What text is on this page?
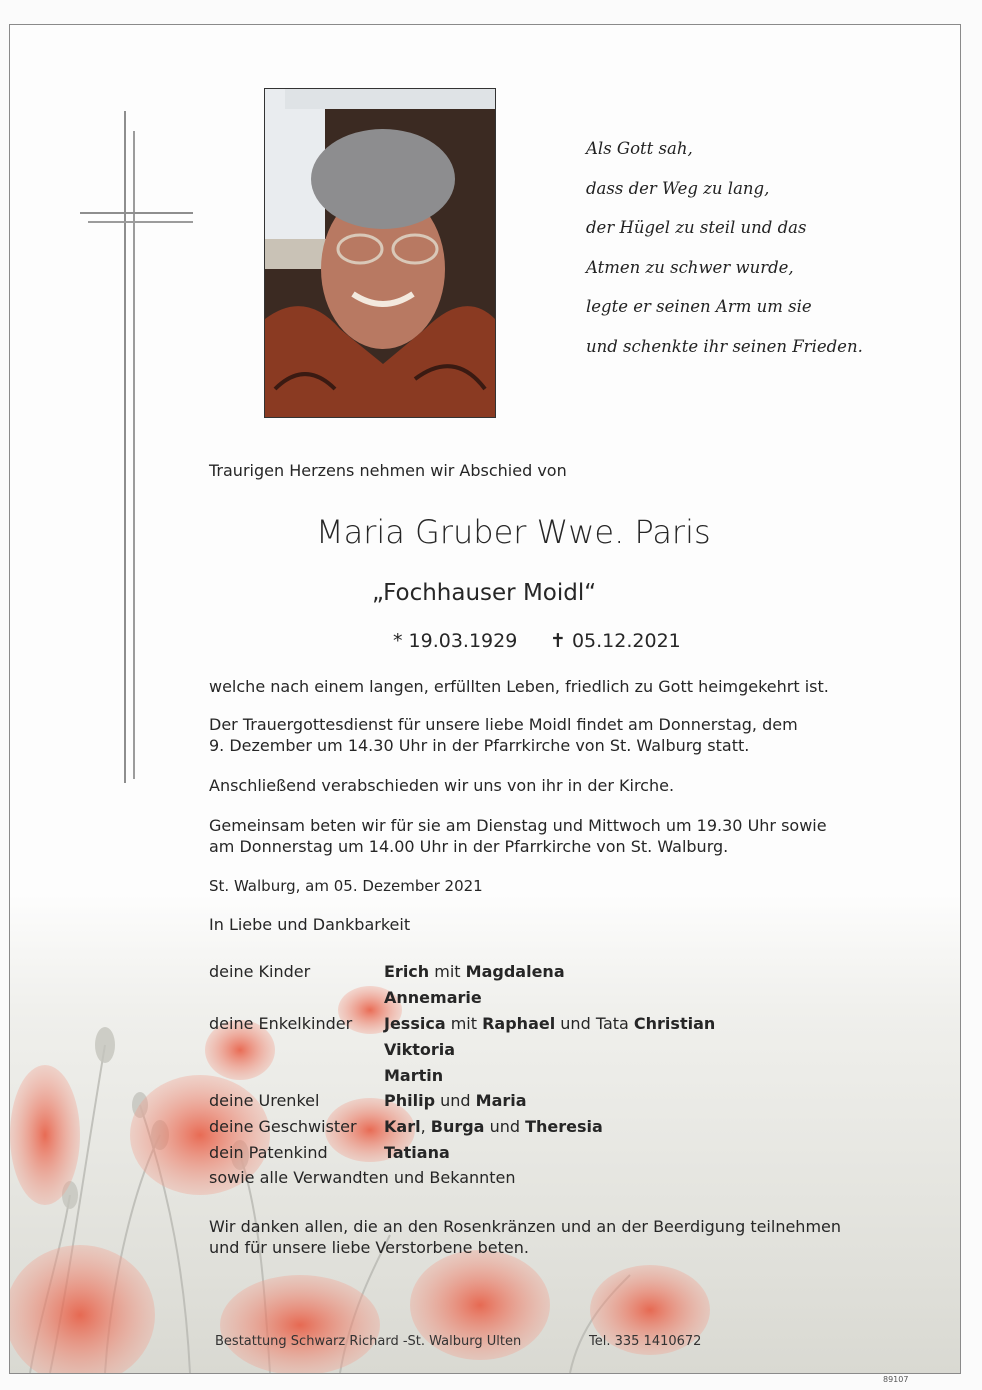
Als Gott sah,
dass der Weg zu lang,
der Hügel zu steil und das
Atmen zu schwer wurde,
legte er seinen Arm um sie
und schenkte ihr seinen Frieden.
Traurigen Herzens nehmen wir Abschied von
Maria Gruber Wwe. Paris
„Fochhauser Moidl“
* 19.03.1929 ✝ 05.12.2021
welche nach einem langen, erfüllten Leben, friedlich zu Gott heimgekehrt ist.
Der Trauergottesdienst für unsere liebe Moidl findet am Donnerstag, dem
9. Dezember um 14.30 Uhr in der Pfarrkirche von St. Walburg statt.
Anschließend verabschieden wir uns von ihr in der Kirche.
Gemeinsam beten wir für sie am Dienstag und Mittwoch um 19.30 Uhr sowie
am Donnerstag um 14.00 Uhr in der Pfarrkirche von St. Walburg.
St. Walburg, am 05. Dezember 2021
In Liebe und Dankbarkeit
deine Kinder	Erich mit Magdalena
Annemarie
deine Enkelkinder Jessica mit Raphael und Tata Christian
Viktoria
Martin
deine Urenkel	Philip und Maria
deine Geschwister Karl, Burga und Theresia
dein Patenkind	Tatiana
sowie alle Verwandten und Bekannten
Wir danken allen, die an den Rosenkränzen und an der Beerdigung teilnehmen
und für unsere liebe Verstorbene beten.
Bestattung Schwarz Richard -St. Walburg Ulten	Tel. 335 1410672
89107
